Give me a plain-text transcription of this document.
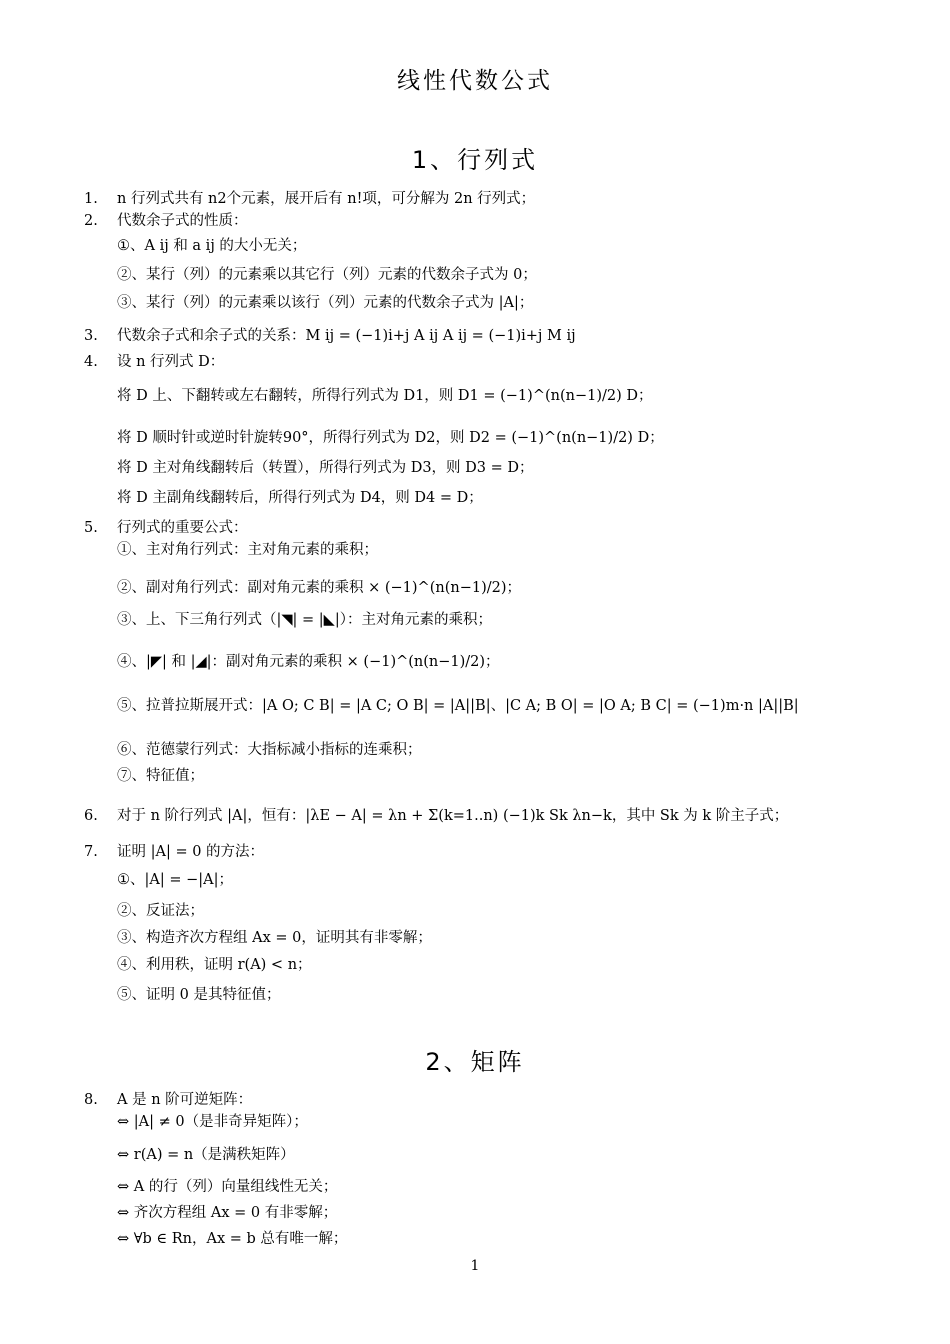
线性代数公式
1、行列式
2、矩阵
1. n 行列式共有 n2个元素，展开后有 n!项，可分解为 2n 行列式；
2. 代数余子式的性质：
①、A ij 和 a ij 的大小无关；
②、某行（列）的元素乘以其它行（列）元素的代数余子式为 0；
③、某行（列）的元素乘以该行（列）元素的代数余子式为 |A|；
3. 代数余子式和余子式的关系：M ij = (−1)i+j A ij A ij = (−1)i+j M ij
4. 设 n 行列式 D：
将 D 上、下翻转或左右翻转，所得行列式为 D1，则 D1 = (−1)^(n(n−1)/2) D；
将 D 顺时针或逆时针旋转90°，所得行列式为 D2，则 D2 = (−1)^(n(n−1)/2) D；
将 D 主对角线翻转后（转置），所得行列式为 D3，则 D3 = D；
将 D 主副角线翻转后，所得行列式为 D4，则 D4 = D；
5. 行列式的重要公式：
①、主对角行列式：主对角元素的乘积；
②、副对角行列式：副对角元素的乘积 × (−1)^(n(n−1)/2)；
③、上、下三角行列式（|◥| = |◣|）：主对角元素的乘积；
④、|◤| 和 |◢|：副对角元素的乘积 × (−1)^(n(n−1)/2)；
⑤、拉普拉斯展开式：|A O; C B| = |A C; O B| = |A||B|、|C A; B O| = |O A; B C| = (−1)m·n |A||B|
⑥、范德蒙行列式：大指标减小指标的连乘积；
⑦、特征值；
6. 对于 n 阶行列式 |A|，恒有：|λE − A| = λn + Σ(k=1..n) (−1)k Sk λn−k，其中 Sk 为 k 阶主子式；
7. 证明 |A| = 0 的方法：
①、|A| = −|A|；
②、反证法；
③、构造齐次方程组 Ax = 0，证明其有非零解；
④、利用秩，证明 r(A) < n；
⑤、证明 0 是其特征值；
8. A 是 n 阶可逆矩阵：
⇔ |A| ≠ 0（是非奇异矩阵）；
⇔ r(A) = n（是满秩矩阵）
⇔ A 的行（列）向量组线性无关；
⇔ 齐次方程组 Ax = 0 有非零解；
⇔ ∀b ∈ Rn，Ax = b 总有唯一解；
1
